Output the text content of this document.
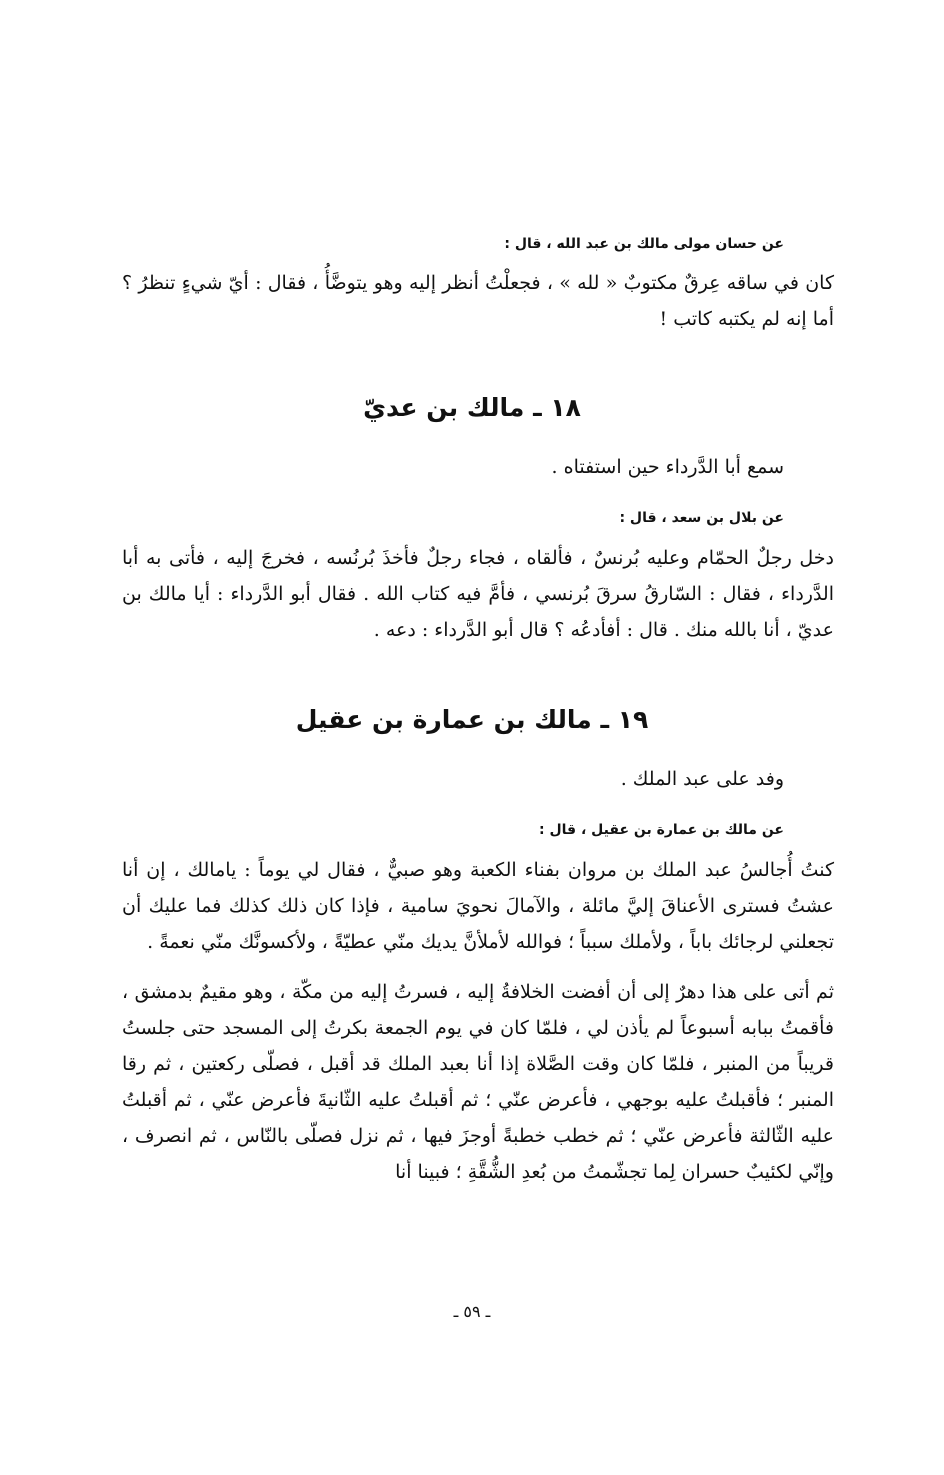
عن حسان مولى مالك بن عبد الله ، قال :

كان في ساقه عِرقٌ مكتوبٌ « لله » ، فجعلْتُ أنظر إليه وهو يتوضَّأُ ، فقال : أيّ شيءٍ تنظرُ ؟ أما إنه لم يكتبه كاتب !

١٨ ـ مالك بن عديّ
سمع أبا الدَّرداء حين استفتاه .
عن بلال بن سعد ، قال :

دخل رجلٌ الحمّام وعليه بُرنسٌ ، فألقاه ، فجاء رجلٌ فأخذَ بُرنُسه ، فخرجَ إليه ، فأتى به أبا الدَّرداء ، فقال : السّارقُ سرقَ بُرنسي ، فأمَّ فيه كتاب الله . فقال أبو الدَّرداء : أيا مالك بن عديّ ، أنا بالله منك . قال : أفأدعُه ؟ قال أبو الدَّرداء : دعه .

١٩ ـ مالك بن عمارة بن عقيل
وفد على عبد الملك .
عن مالك بن عمارة بن عقيل ، قال :

كنتُ أُجالسُ عبد الملك بن مروان بفناء الكعبة وهو صبيٌّ ، فقال لي يوماً : يامالك ، إن أنا عشتُ فسترى الأعناقَ إليَّ مائلة ، والآمالَ نحويَ سامية ، فإذا كان ذلك كذلك فما عليك أن تجعلني لرجائك باباً ، ولأملك سبباً ؛ فوالله لأملأنَّ يديك منّي عطيّةً ، ولأكسونَّك منّي نعمةً .

ثم أتى على هذا دهرٌ إلى أن أفضت الخلافةُ إليه ، فسرتُ إليه من مكّة ، وهو مقيمٌ بدمشق ، فأقمتُ ببابه أسبوعاً لم يأذن لي ، فلمّا كان في يوم الجمعة بكرتُ إلى المسجد حتى جلستُ قريباً من المنبر ، فلمّا كان وقت الصَّلاة إذا أنا بعبد الملك قد أقبل ، فصلّى ركعتين ، ثم رقا المنبر ؛ فأقبلتُ عليه بوجهي ، فأعرض عنّي ؛ ثم أقبلتُ عليه الثّانيةَ فأعرض عنّي ، ثم أقبلتُ عليه الثّالثة فأعرض عنّي ؛ ثم خطب خطبةً أوجزَ فيها ، ثم نزل فصلّى بالنّاس ، ثم انصرف ، وإنّي لكئيبٌ حسران لِما تجشّمتُ من بُعدِ الشُّقَّةِ ؛ فبينا أنا

ـ ٥٩ ـ
